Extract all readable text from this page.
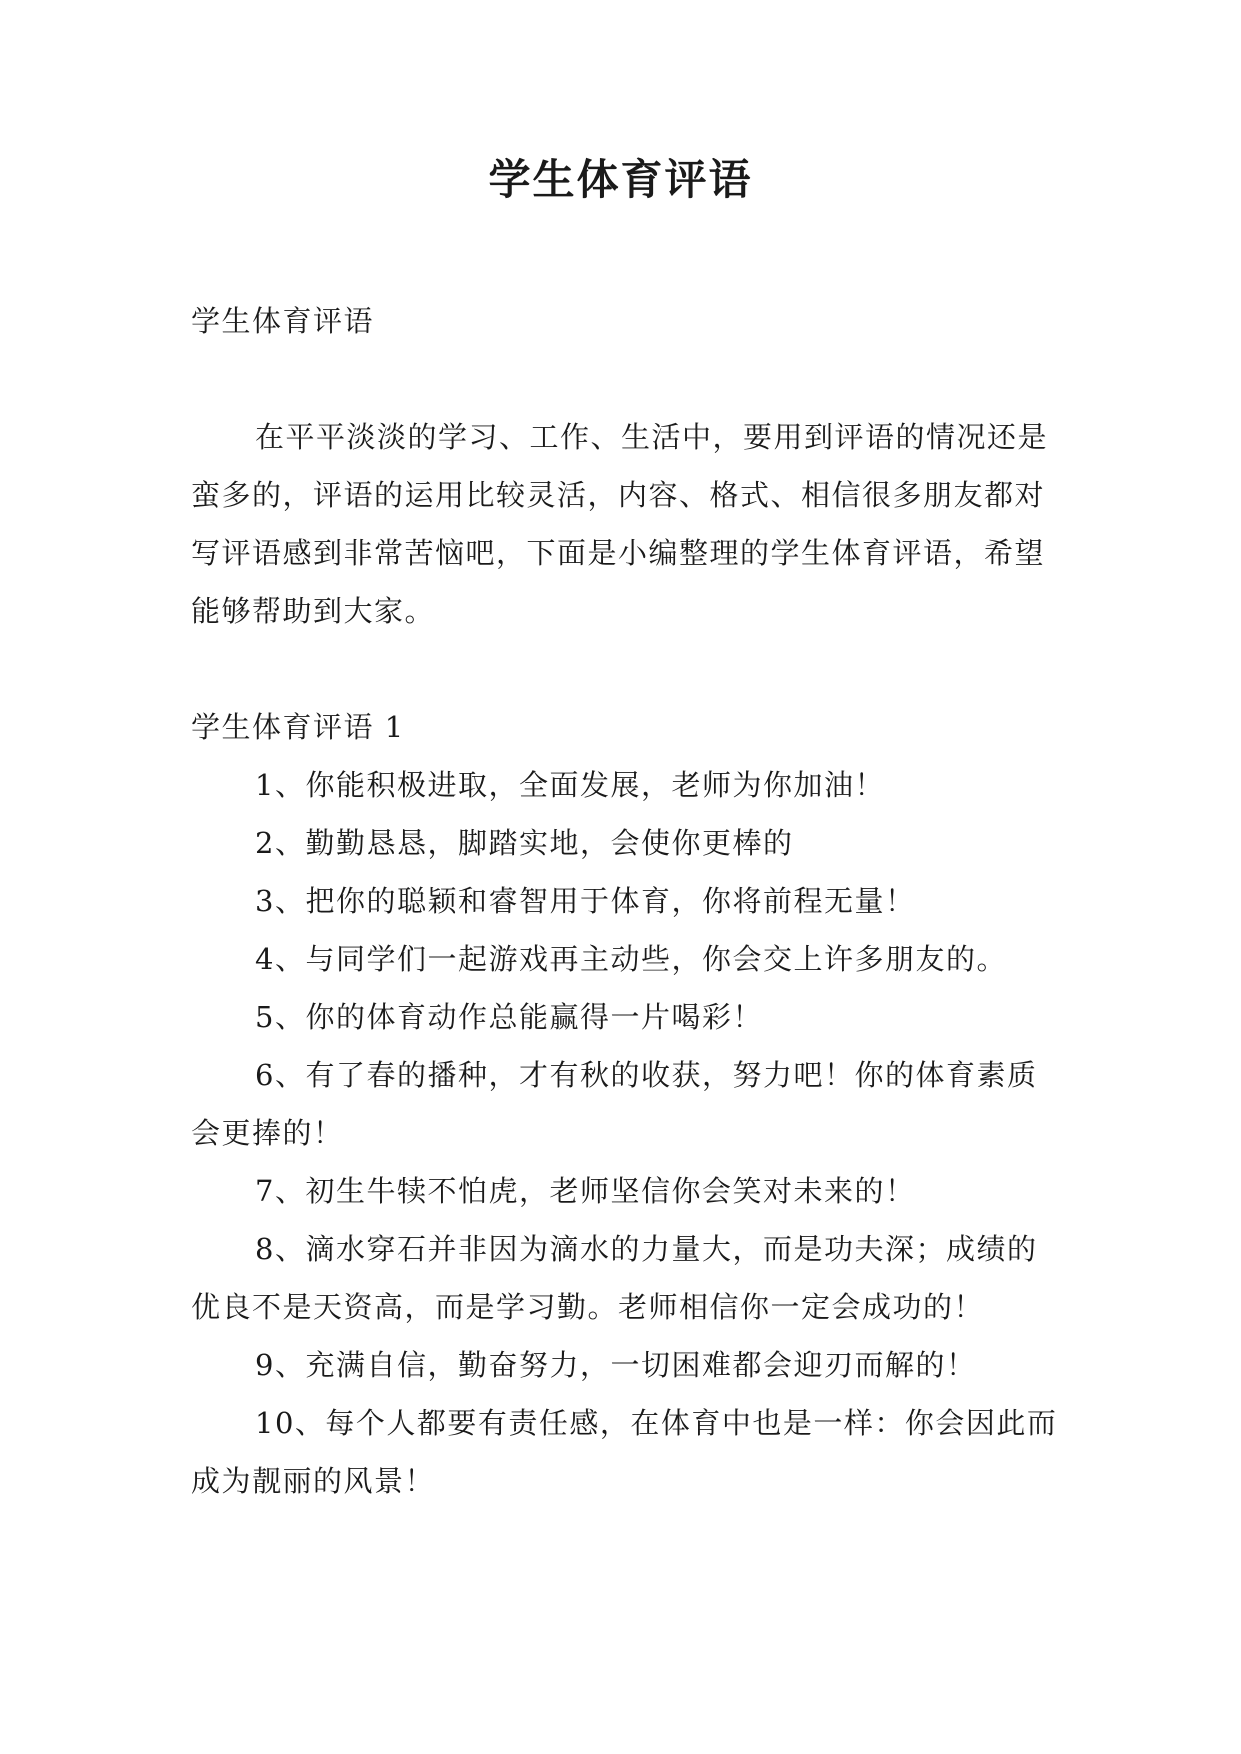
学生体育评语

学生体育评语

在平平淡淡的学习、工作、生活中，要用到评语的情况还是蛮多的，评语的运用比较灵活，内容、格式、相信很多朋友都对写评语感到非常苦恼吧，下面是小编整理的学生体育评语，希望能够帮助到大家。

学生体育评语 1

1、你能积极进取，全面发展，老师为你加油！

2、勤勤恳恳，脚踏实地，会使你更棒的

3、把你的聪颖和睿智用于体育，你将前程无量！

4、与同学们一起游戏再主动些，你会交上许多朋友的。

5、你的体育动作总能赢得一片喝彩！

6、有了春的播种，才有秋的收获，努力吧！你的体育素质会更捧的！

7、初生牛犊不怕虎，老师坚信你会笑对未来的！

8、滴水穿石并非因为滴水的力量大，而是功夫深；成绩的优良不是天资高，而是学习勤。老师相信你一定会成功的！

9、充满自信，勤奋努力，一切困难都会迎刃而解的！

10、每个人都要有责任感，在体育中也是一样：你会因此而成为靓丽的风景！
